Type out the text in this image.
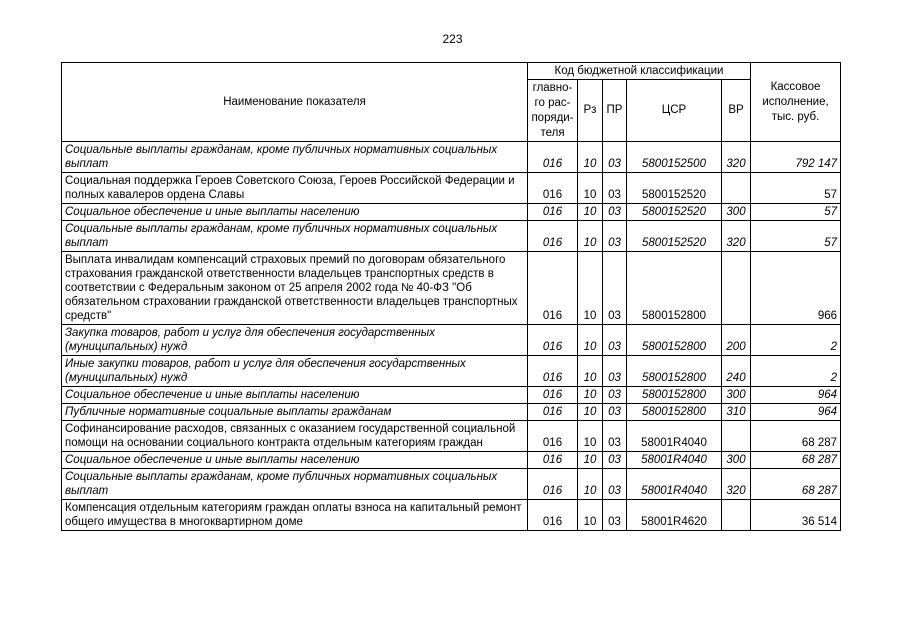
223
Наименование показателя	Код бюджетной классификации					Кассовое исполнение, тыс. руб.
	главно-го рас-поряди-теля	Рз	ПР	ЦСР	ВР	
Социальные выплаты гражданам, кроме публичных нормативных социальных выплат	016	10	03	5800152500	320	792 147
Социальная поддержка Героев Советского Союза, Героев Российской Федерации и полных кавалеров ордена Славы	016	10	03	5800152520		57
Социальное обеспечение и иные выплаты населению	016	10	03	5800152520	300	57
Социальные выплаты гражданам, кроме публичных нормативных социальных выплат	016	10	03	5800152520	320	57
Выплата инвалидам компенсаций страховых премий по договорам обязательного страхования гражданской ответственности владельцев транспортных средств в соответствии с Федеральным законом от 25 апреля 2002 года № 40-ФЗ "Об обязательном страховании гражданской ответственности владельцев транспортных средств"	016	10	03	5800152800		966
Закупка товаров, работ и услуг для обеспечения государственных (муниципальных) нужд	016	10	03	5800152800	200	2
Иные закупки товаров, работ и услуг для обеспечения государственных (муниципальных) нужд	016	10	03	5800152800	240	2
Социальное обеспечение и иные выплаты населению	016	10	03	5800152800	300	964
Публичные нормативные социальные выплаты гражданам	016	10	03	5800152800	310	964
Софинансирование расходов, связанных с оказанием государственной социальной помощи на основании социального контракта отдельным категориям граждан	016	10	03	58001R4040		68 287
Социальное обеспечение и иные выплаты населению	016	10	03	58001R4040	300	68 287
Социальные выплаты гражданам, кроме публичных нормативных социальных выплат	016	10	03	58001R4040	320	68 287
Компенсация отдельным категориям граждан оплаты взноса на капитальный ремонт общего имущества в многоквартирном доме	016	10	03	58001R4620		36 514
